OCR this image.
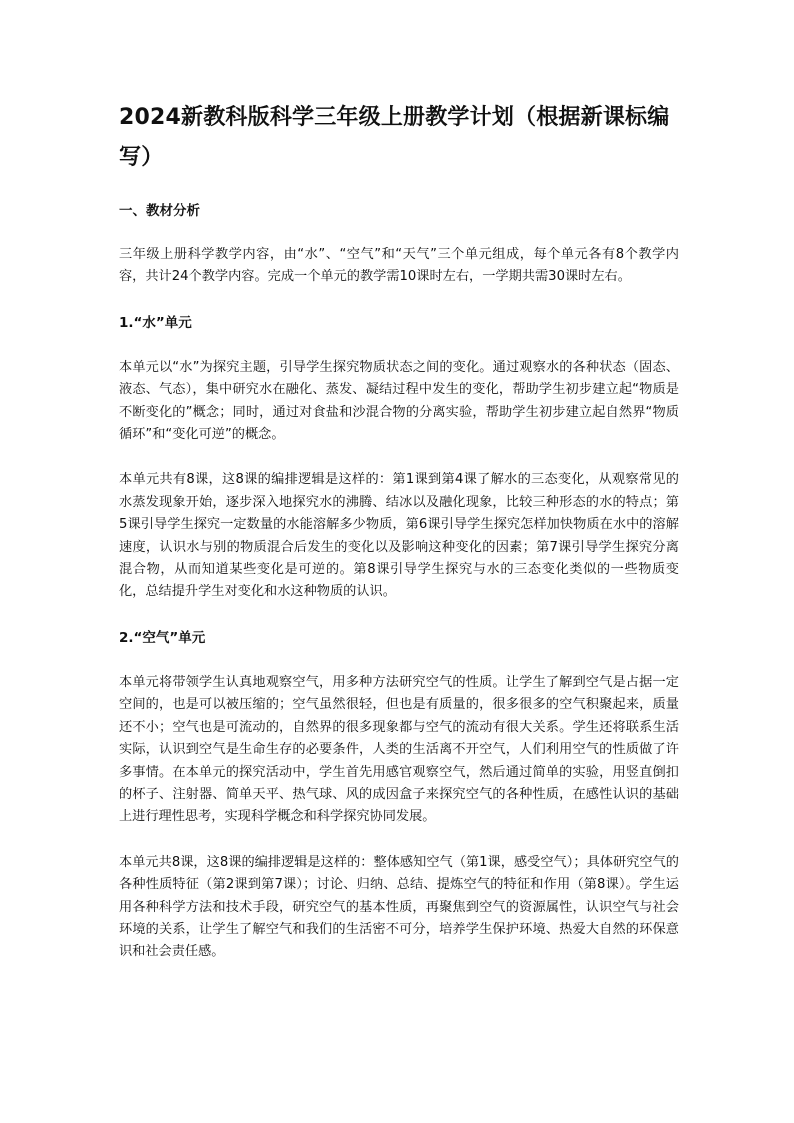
2024新教科版科学三年级上册教学计划（根据新课标编写）
一、教材分析

三年级上册科学教学内容，由“水”、“空气”和“天气”三个单元组成，每个单元各有8个教学内容，共计24个教学内容。完成一个单元的教学需10课时左右，一学期共需30课时左右。

1.“水”单元

本单元以“水”为探究主题，引导学生探究物质状态之间的变化。通过观察水的各种状态（固态、液态、气态），集中研究水在融化、蒸发、凝结过程中发生的变化，帮助学生初步建立起“物质是不断变化的”概念；同时，通过对食盐和沙混合物的分离实验，帮助学生初步建立起自然界“物质循环”和“变化可逆”的概念。

本单元共有8课，这8课的编排逻辑是这样的：第1课到第4课了解水的三态变化，从观察常见的水蒸发现象开始，逐步深入地探究水的沸腾、结冰以及融化现象，比较三种形态的水的特点；第5课引导学生探究一定数量的水能溶解多少物质，第6课引导学生探究怎样加快物质在水中的溶解速度，认识水与别的物质混合后发生的变化以及影响这种变化的因素；第7课引导学生探究分离混合物，从而知道某些变化是可逆的。第8课引导学生探究与水的三态变化类似的一些物质变化，总结提升学生对变化和水这种物质的认识。

2.“空气”单元

本单元将带领学生认真地观察空气，用多种方法研究空气的性质。让学生了解到空气是占据一定空间的，也是可以被压缩的；空气虽然很轻，但也是有质量的，很多很多的空气积聚起来，质量还不小；空气也是可流动的，自然界的很多现象都与空气的流动有很大关系。学生还将联系生活实际，认识到空气是生命生存的必要条件，人类的生活离不开空气，人们利用空气的性质做了许多事情。在本单元的探究活动中，学生首先用感官观察空气，然后通过简单的实验，用竖直倒扣的杯子、注射器、简单天平、热气球、风的成因盒子来探究空气的各种性质，在感性认识的基础上进行理性思考，实现科学概念和科学探究协同发展。

本单元共8课，这8课的编排逻辑是这样的：整体感知空气（第1课，感受空气）；具体研究空气的各种性质特征（第2课到第7课）；讨论、归纳、总结、提炼空气的特征和作用（第8课）。学生运用各种科学方法和技术手段，研究空气的基本性质，再聚焦到空气的资源属性，认识空气与社会环境的关系，让学生了解空气和我们的生活密不可分，培养学生保护环境、热爱大自然的环保意识和社会责任感。
